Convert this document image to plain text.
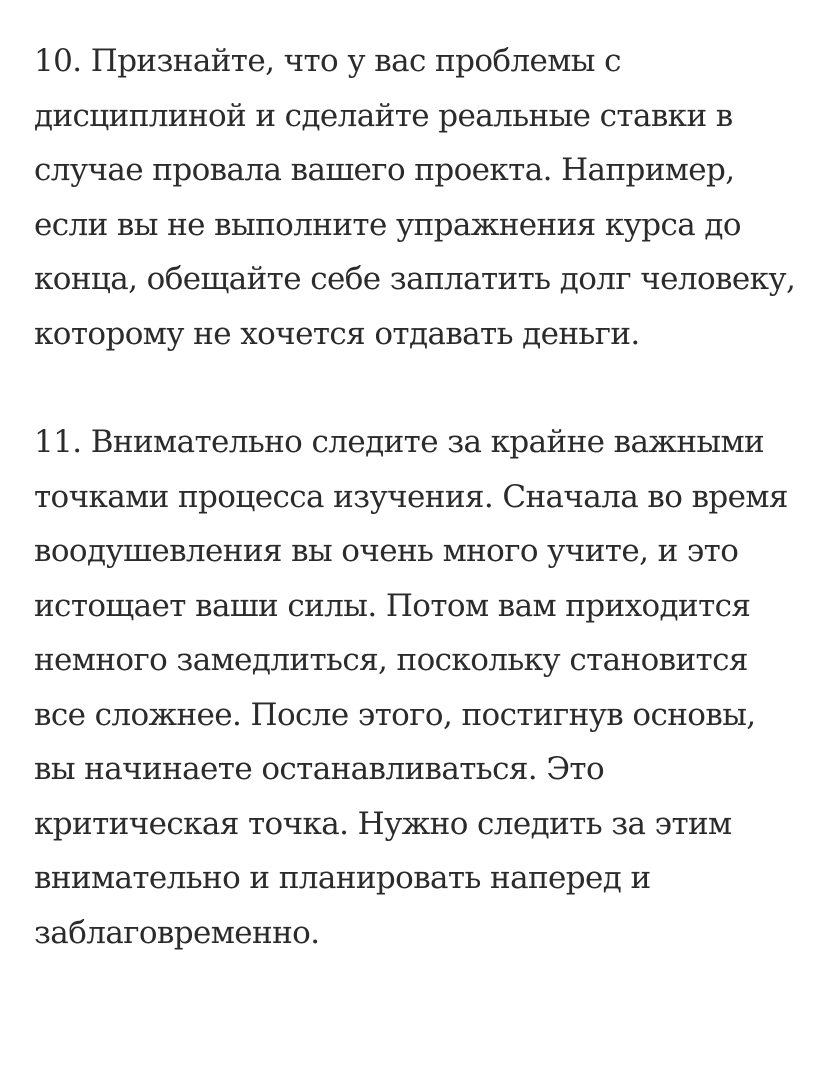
10. Признайте, что у вас проблемы с дисциплиной и сделайте реальные ставки в случае провала вашего проекта. Например, если вы не выполните упражнения курса до конца, обещайте себе заплатить долг человеку, которому не хочется отдавать деньги.

11. Внимательно следите за крайне важными точками процесса изучения. Сначала во время воодушевления вы очень много учите, и это истощает ваши силы. Потом вам приходится немного замедлиться, поскольку становится все сложнее. После этого, постигнув основы, вы начинаете останавливаться. Это критическая точка. Нужно следить за этим внимательно и планировать наперед и заблаговременно.
